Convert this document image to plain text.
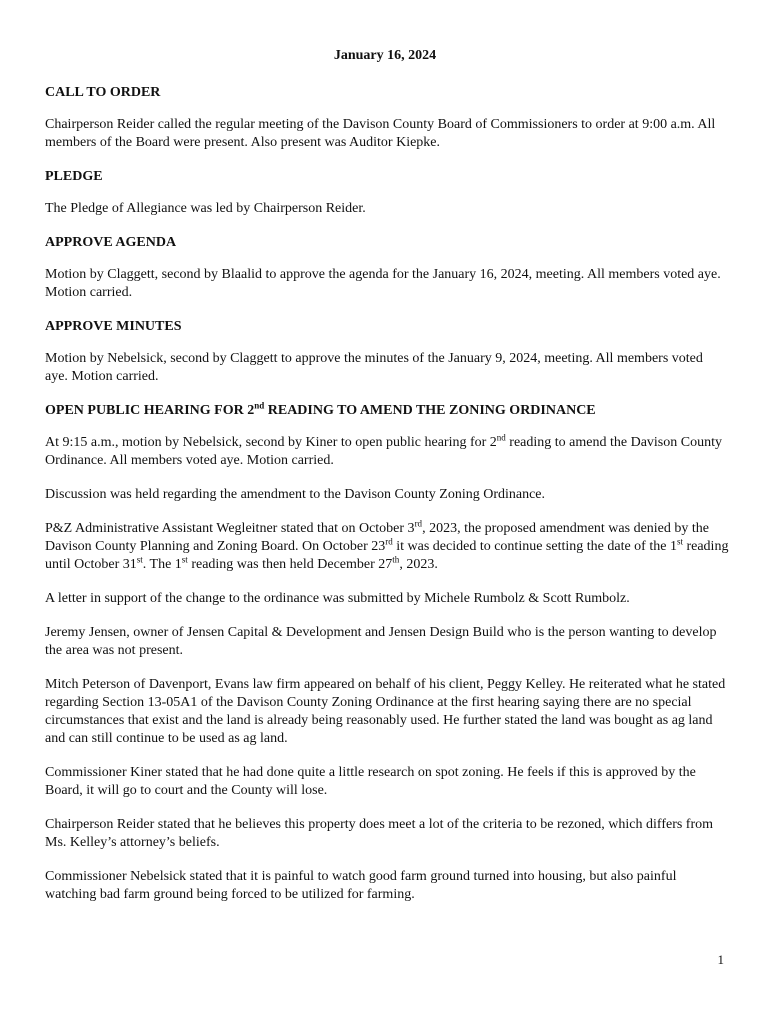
January 16, 2024
CALL TO ORDER

Chairperson Reider called the regular meeting of the Davison County Board of Commissioners to order at 9:00 a.m. All members of the Board were present. Also present was Auditor Kiepke.

PLEDGE

The Pledge of Allegiance was led by Chairperson Reider.

APPROVE AGENDA

Motion by Claggett, second by Blaalid to approve the agenda for the January 16, 2024, meeting. All members voted aye. Motion carried.

APPROVE MINUTES

Motion by Nebelsick, second by Claggett to approve the minutes of the January 9, 2024, meeting. All members voted aye. Motion carried.

OPEN PUBLIC HEARING FOR 2nd READING TO AMEND THE ZONING ORDINANCE

At 9:15 a.m., motion by Nebelsick, second by Kiner to open public hearing for 2nd reading to amend the Davison County Ordinance. All members voted aye. Motion carried.

Discussion was held regarding the amendment to the Davison County Zoning Ordinance.

P&Z Administrative Assistant Wegleitner stated that on October 3rd, 2023, the proposed amendment was denied by the Davison County Planning and Zoning Board. On October 23rd it was decided to continue setting the date of the 1st reading until October 31st. The 1st reading was then held December 27th, 2023.

A letter in support of the change to the ordinance was submitted by Michele Rumbolz & Scott Rumbolz.

Jeremy Jensen, owner of Jensen Capital & Development and Jensen Design Build who is the person wanting to develop the area was not present.

Mitch Peterson of Davenport, Evans law firm appeared on behalf of his client, Peggy Kelley. He reiterated what he stated regarding Section 13-05A1 of the Davison County Zoning Ordinance at the first hearing saying there are no special circumstances that exist and the land is already being reasonably used. He further stated the land was bought as ag land and can still continue to be used as ag land.

Commissioner Kiner stated that he had done quite a little research on spot zoning. He feels if this is approved by the Board, it will go to court and the County will lose.

Chairperson Reider stated that he believes this property does meet a lot of the criteria to be rezoned, which differs from Ms. Kelley’s attorney’s beliefs.

Commissioner Nebelsick stated that it is painful to watch good farm ground turned into housing, but also painful watching bad farm ground being forced to be utilized for farming.

1
